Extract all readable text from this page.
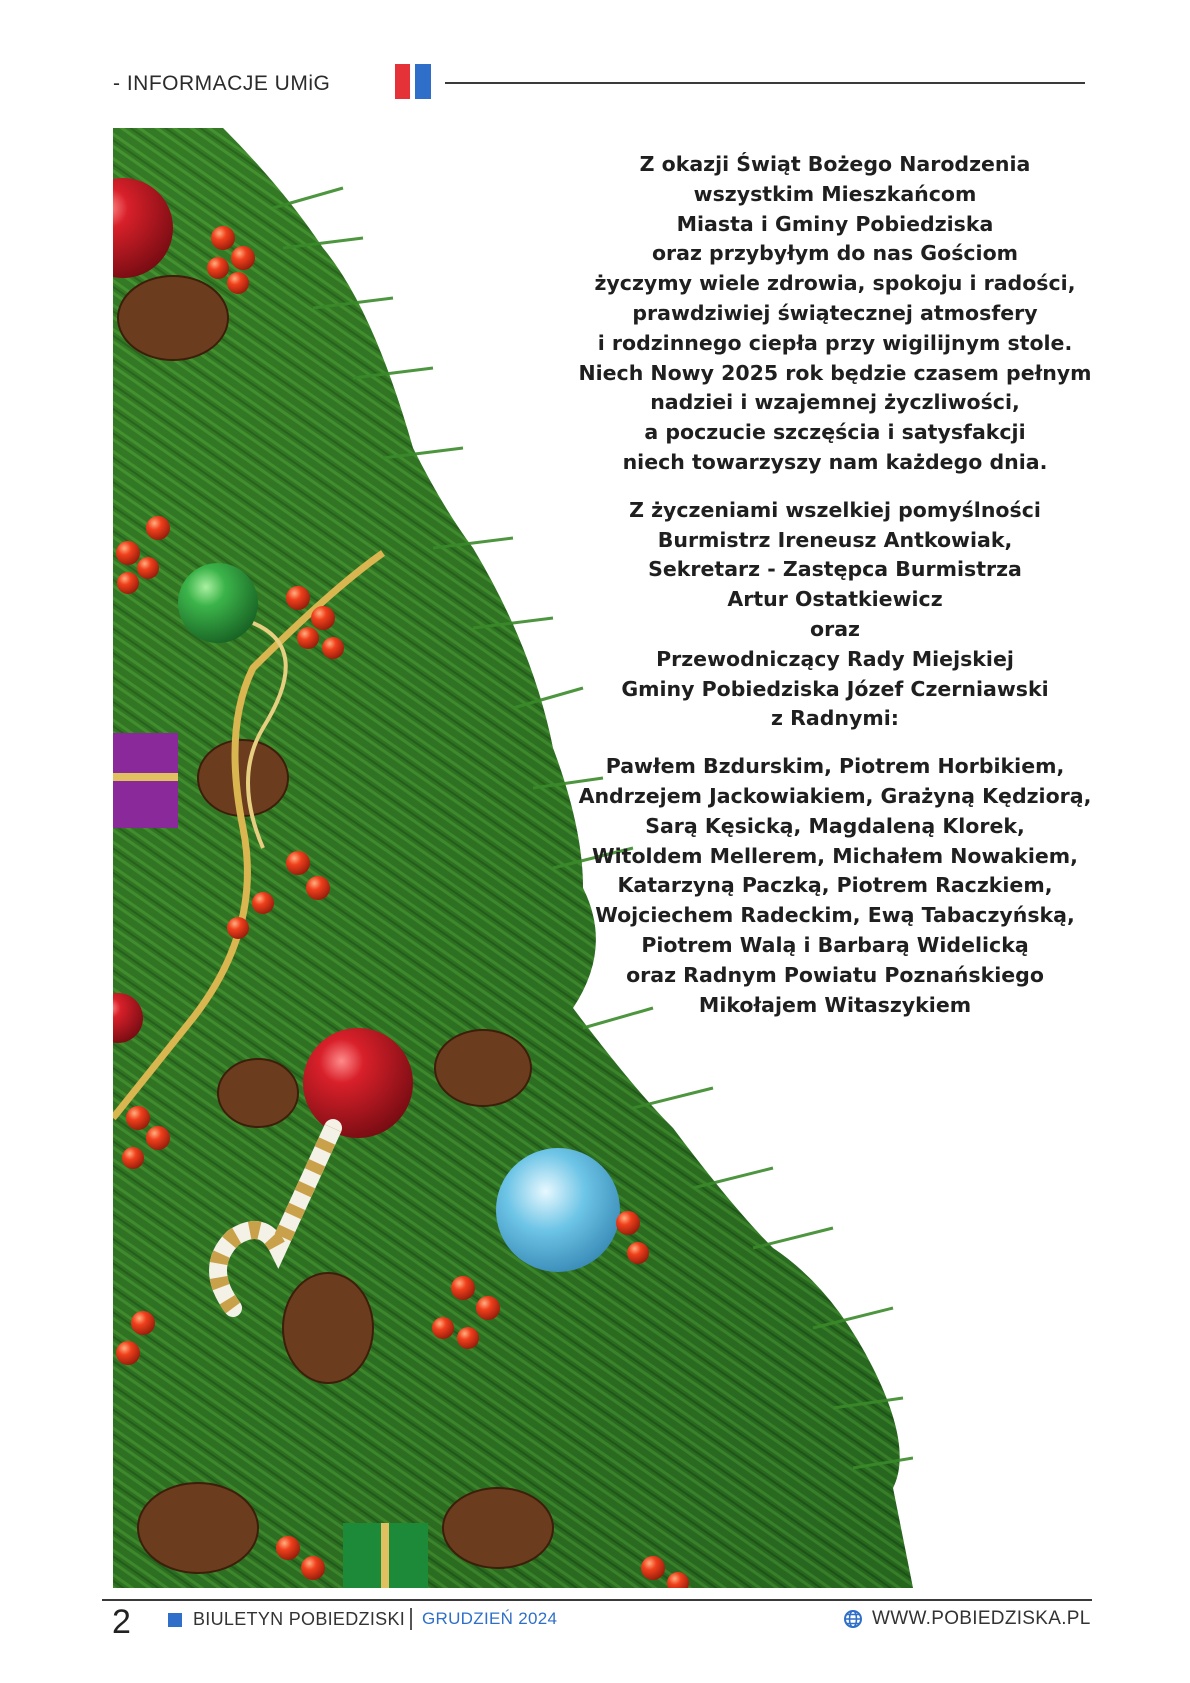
- INFORMACJE UMiG
Z okazji Świąt Bożego Narodzenia
wszystkim Mieszkańcom
Miasta i Gminy Pobiedziska
oraz przybyłym do nas Gościom
życzymy wiele zdrowia, spokoju i radości,
prawdziwiej świątecznej atmosfery
i rodzinnego ciepła przy wigilijnym stole.
Niech Nowy 2025 rok będzie czasem pełnym
nadziei i wzajemnej życzliwości,
a poczucie szczęścia i satysfakcji
niech towarzyszy nam każdego dnia.
Z życzeniami wszelkiej pomyślności
Burmistrz Ireneusz Antkowiak,
Sekretarz - Zastępca Burmistrza
Artur Ostatkiewicz
oraz
Przewodniczący Rady Miejskiej
Gminy Pobiedziska Józef Czerniawski
z Radnymi:
Pawłem Bzdurskim, Piotrem Horbikiem,
Andrzejem Jackowiakiem, Grażyną Kędziorą,
Sarą Kęsicką, Magdaleną Klorek,
Witoldem Mellerem, Michałem Nowakiem,
Katarzyną Paczką, Piotrem Raczkiem,
Wojciechem Radeckim, Ewą Tabaczyńską,
Piotrem Walą i Barbarą Widelicką
oraz Radnym Powiatu Poznańskiego
Mikołajem Witaszykiem
2	BIULETYN POBIEDZISKI GRUDZIEŃ 2024	WWW.POBIEDZISKA.PL
